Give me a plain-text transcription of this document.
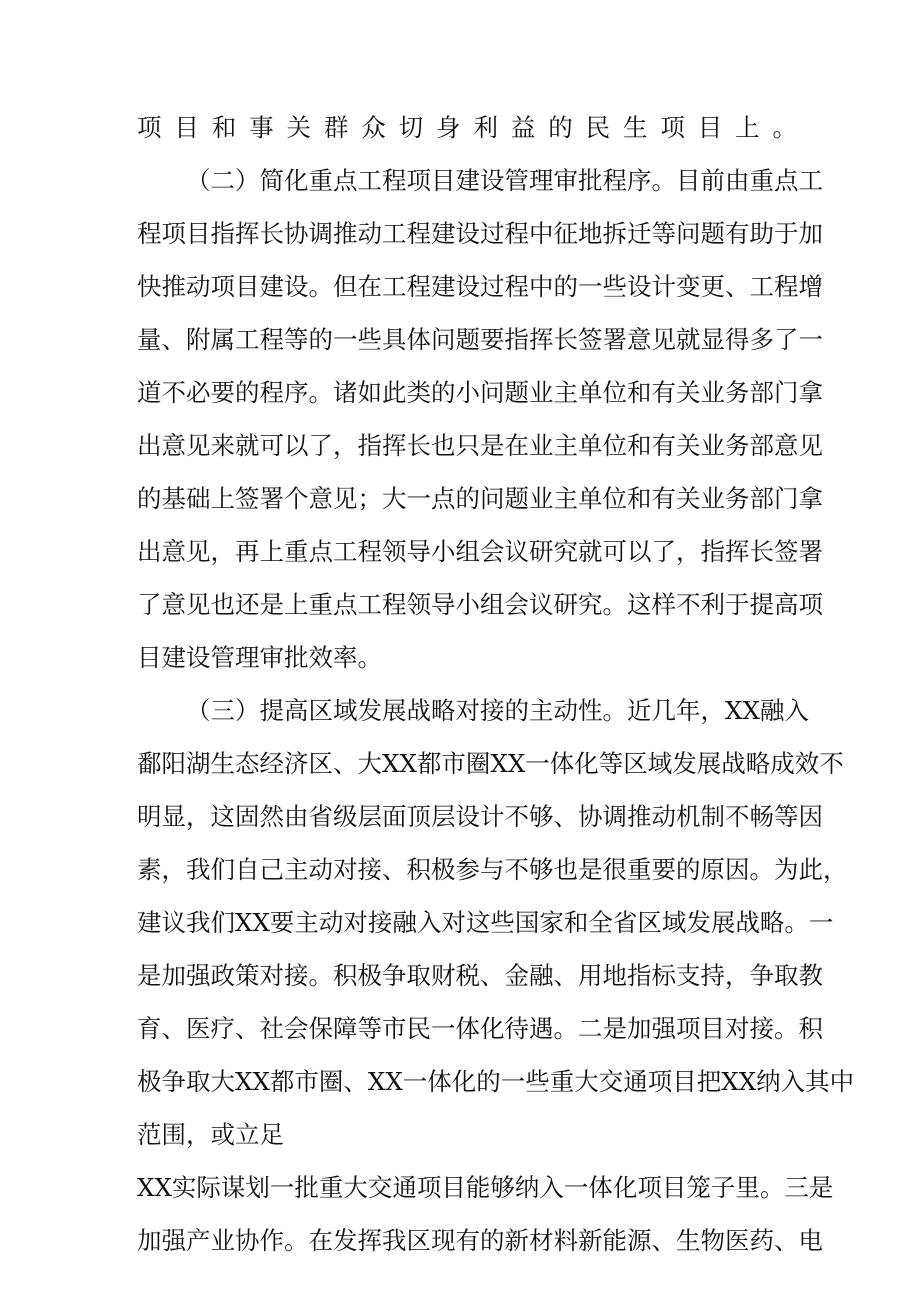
项目和事关群众切身利益的民生项目上。
（二）简化重点工程项目建设管理审批程序。目前由重点工
程项目指挥长协调推动工程建设过程中征地拆迁等问题有助于加
快推动项目建设。但在工程建设过程中的一些设计变更、工程增
量、附属工程等的一些具体问题要指挥长签署意见就显得多了一
道不必要的程序。诸如此类的小问题业主单位和有关业务部门拿
出意见来就可以了，指挥长也只是在业主单位和有关业务部意见
的基础上签署个意见；大一点的问题业主单位和有关业务部门拿
出意见，再上重点工程领导小组会议研究就可以了，指挥长签署
了意见也还是上重点工程领导小组会议研究。这样不利于提高项
目建设管理审批效率。
（三）提高区域发展战略对接的主动性。近几年，XX融入
鄱阳湖生态经济区、大XX都市圈XX一体化等区域发展战略成效不
明显，这固然由省级层面顶层设计不够、协调推动机制不畅等因
素，我们自己主动对接、积极参与不够也是很重要的原因。为此，
建议我们XX要主动对接融入对这些国家和全省区域发展战略。一
是加强政策对接。积极争取财税、金融、用地指标支持，争取教
育、医疗、社会保障等市民一体化待遇。二是加强项目对接。积
极争取大XX都市圈、XX一体化的一些重大交通项目把XX纳入其中
范围，或立足
XX实际谋划一批重大交通项目能够纳入一体化项目笼子里。三是
加强产业协作。在发挥我区现有的新材料新能源、生物医药、电
